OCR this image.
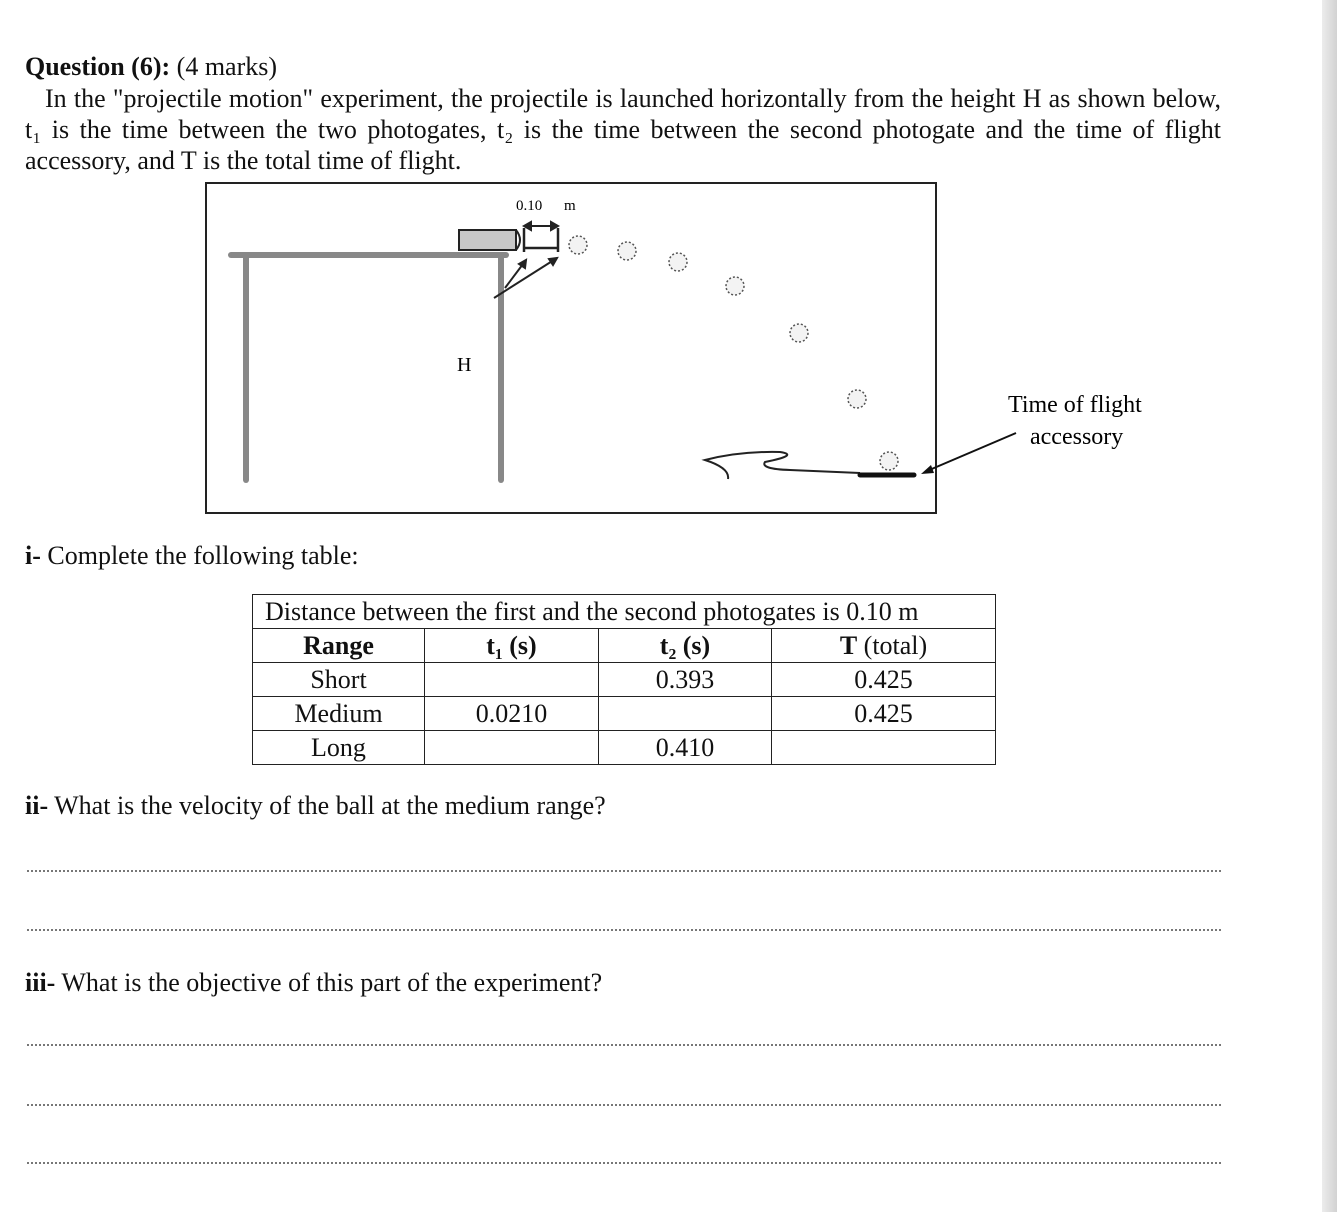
Question (6): (4 marks)
In the "projectile motion" experiment, the projectile is launched horizontally from the height H as shown below, t₁ is the time between the two photogates, t₂ is the time between the second photogate and the time of flight accessory, and T is the total time of flight.
0.10 m
H
Time of flight
accessory
i- Complete the following table:
Distance between the first and the second photogates is 0.10 m			
Range	t₁ (s)	t₂ (s)	T (total)
Short		0.393	0.425
Medium	0.0210		0.425
Long		0.410	
ii- What is the velocity of the ball at the medium range?
iii- What is the objective of this part of the experiment?
